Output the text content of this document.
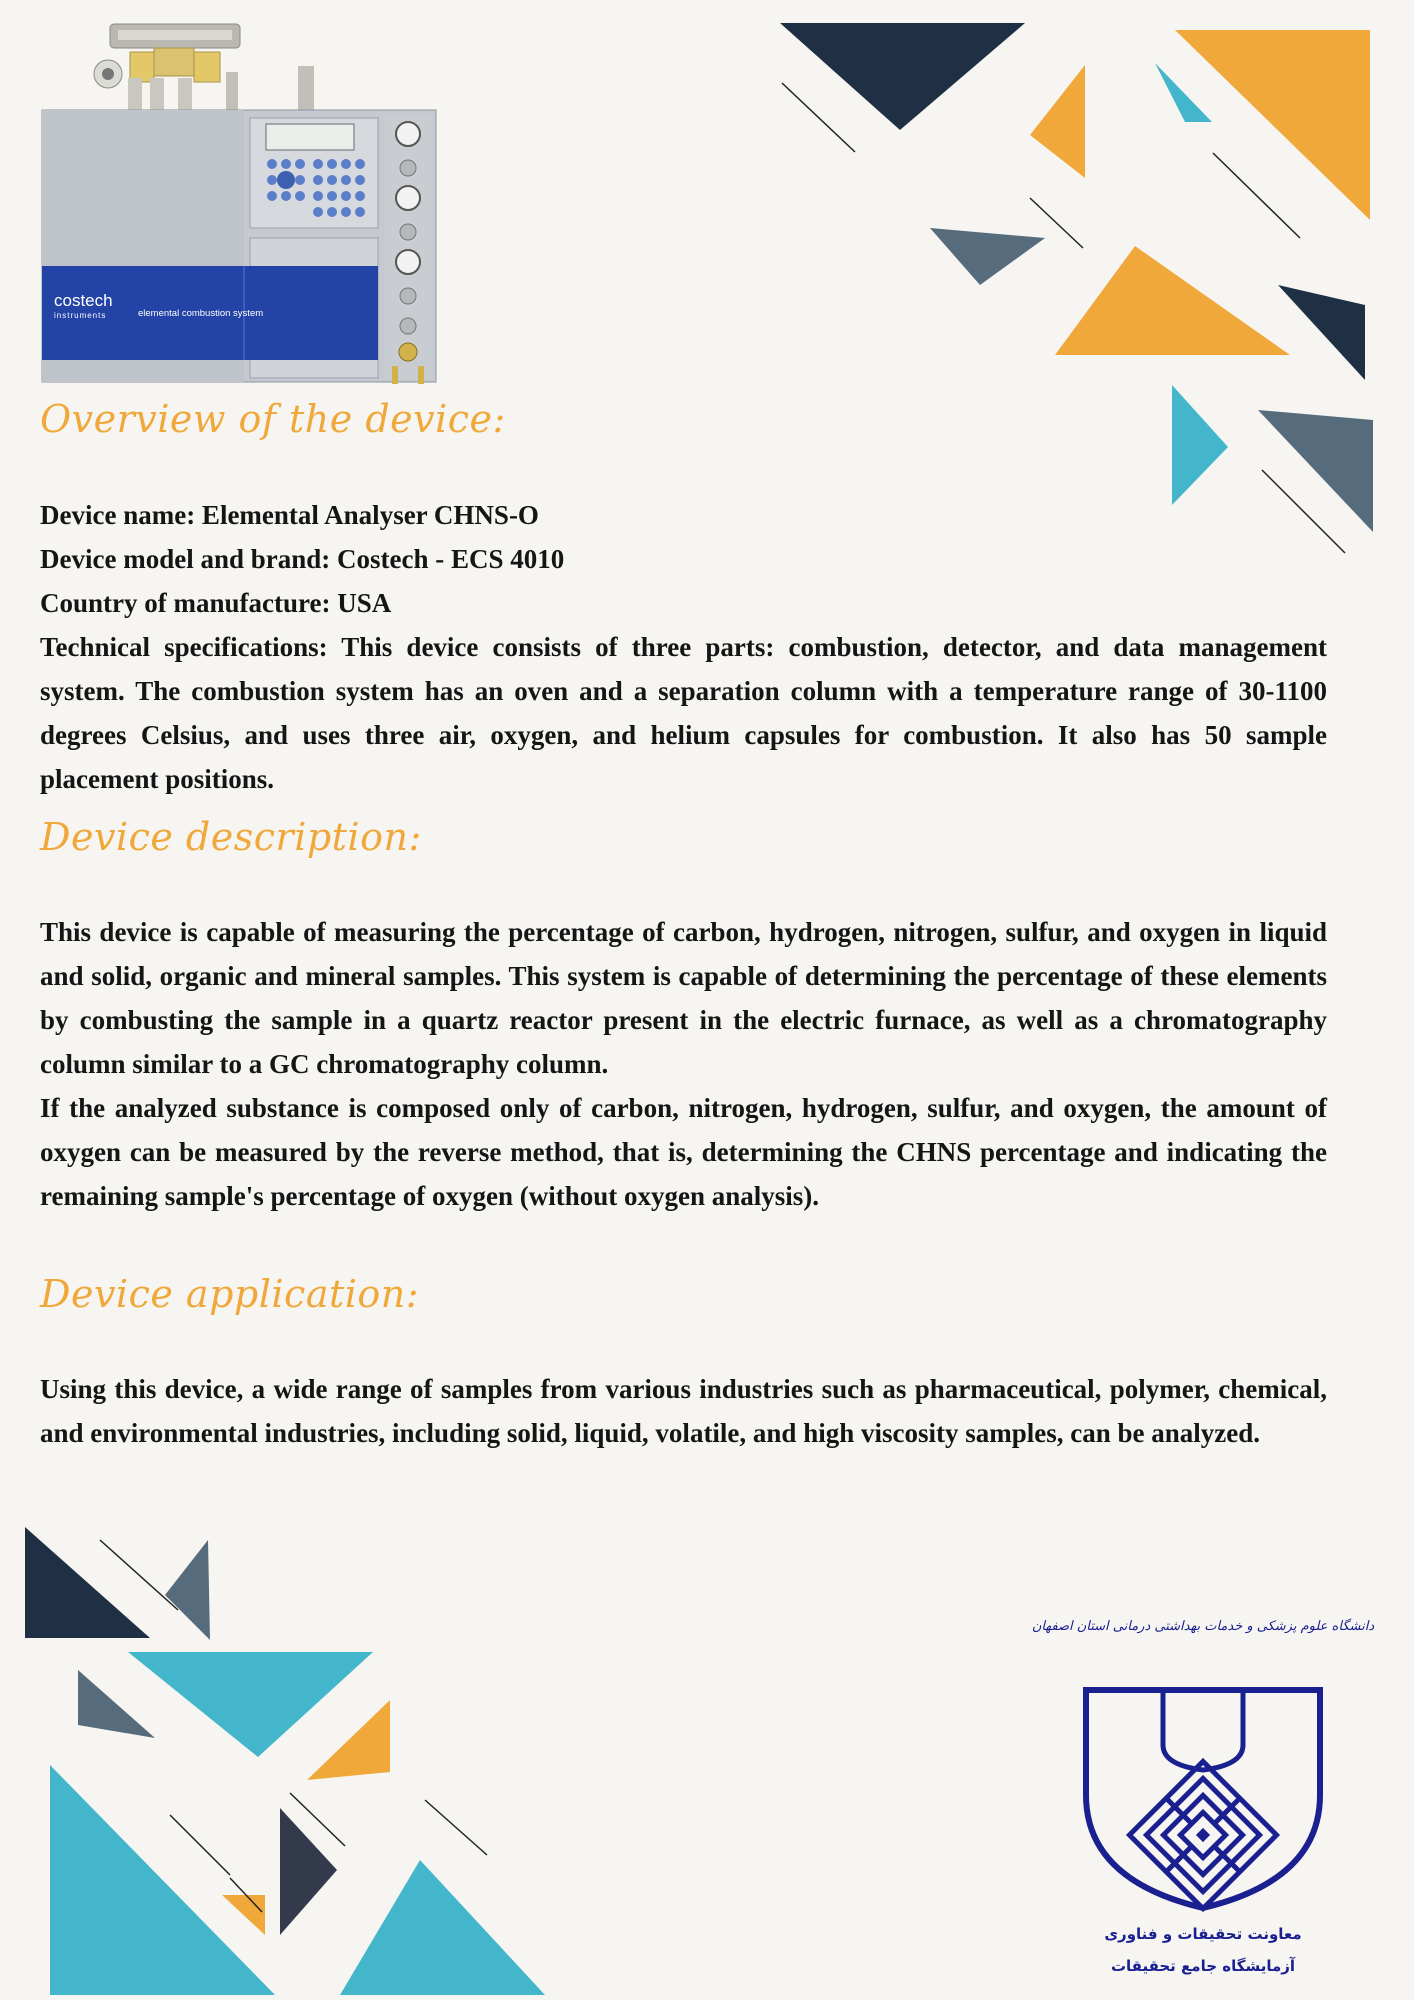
costech
instruments	elemental combustion system
Overview of the device:

Device name: Elemental Analyser CHNS-O

Device model and brand: Costech - ECS 4010

Country of manufacture: USA

Technical specifications: This device consists of three parts: combustion, detector, and data management system. The combustion system has an oven and a separation column with a temperature range of 30-1100 degrees Celsius, and uses three air, oxygen, and helium capsules for combustion. It also has 50 sample placement positions.

Device description:

This device is capable of measuring the percentage of carbon, hydrogen, nitrogen, sulfur, and oxygen in liquid and solid, organic and mineral samples. This system is capable of determining the percentage of these elements by combusting the sample in a quartz reactor present in the electric furnace, as well as a chromatography column similar to a GC chromatography column.

If the analyzed substance is composed only of carbon, nitrogen, hydrogen, sulfur, and oxygen, the amount of oxygen can be measured by the reverse method, that is, determining the CHNS percentage and indicating the remaining sample's percentage of oxygen (without oxygen analysis).

Device application:

Using this device, a wide range of samples from various industries such as pharmaceutical, polymer, chemical, and environmental industries, including solid, liquid, volatile, and high viscosity samples, can be analyzed.

دانشگاه علوم پزشکی و خدمات بهداشتی درمانی استان اصفهان
معاونت تحقیقات و فناوری
آزمایشگاه جامع تحقیقات
